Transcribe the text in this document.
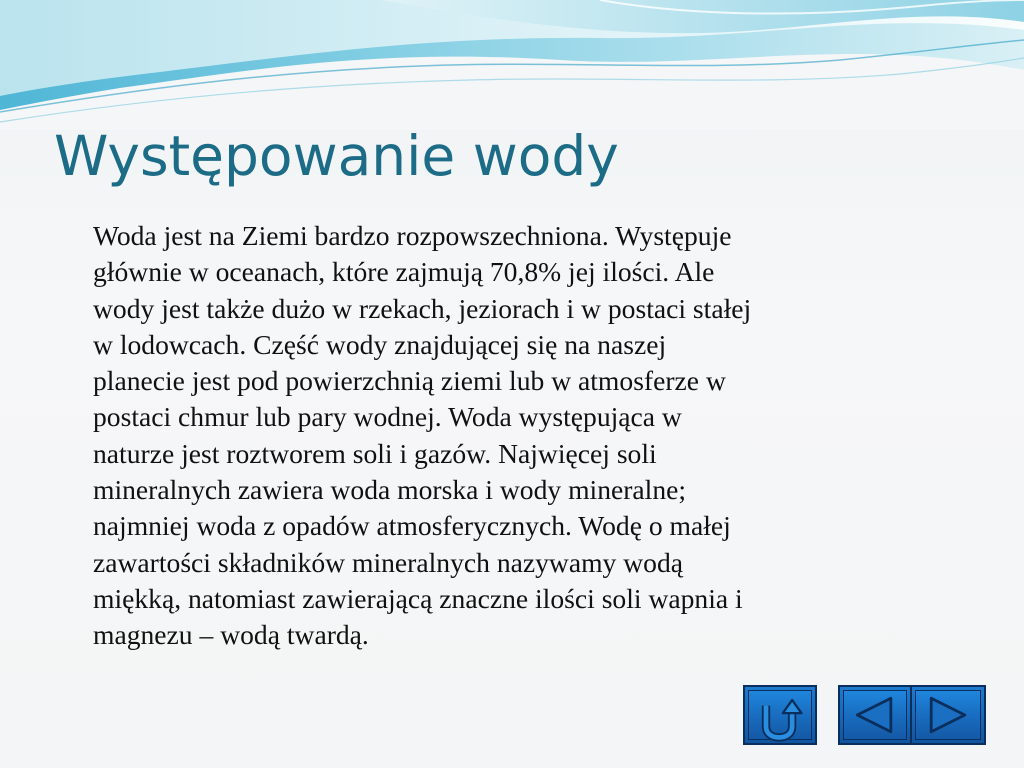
Występowanie wody
Woda jest na Ziemi bardzo rozpowszechniona. Występuje
głównie w oceanach, które zajmują 70,8% jej ilości. Ale
wody jest także dużo w rzekach, jeziorach i w postaci stałej
w lodowcach. Część wody znajdującej się na naszej
planecie jest pod powierzchnią ziemi lub w atmosferze w
postaci chmur lub pary wodnej. Woda występująca w
naturze jest roztworem soli i gazów. Najwięcej soli
mineralnych zawiera woda morska i wody mineralne;
najmniej woda z opadów atmosferycznych. Wodę o małej
zawartości składników mineralnych nazywamy wodą
miękką, natomiast zawierającą znaczne ilości soli wapnia i
magnezu – wodą twardą.
